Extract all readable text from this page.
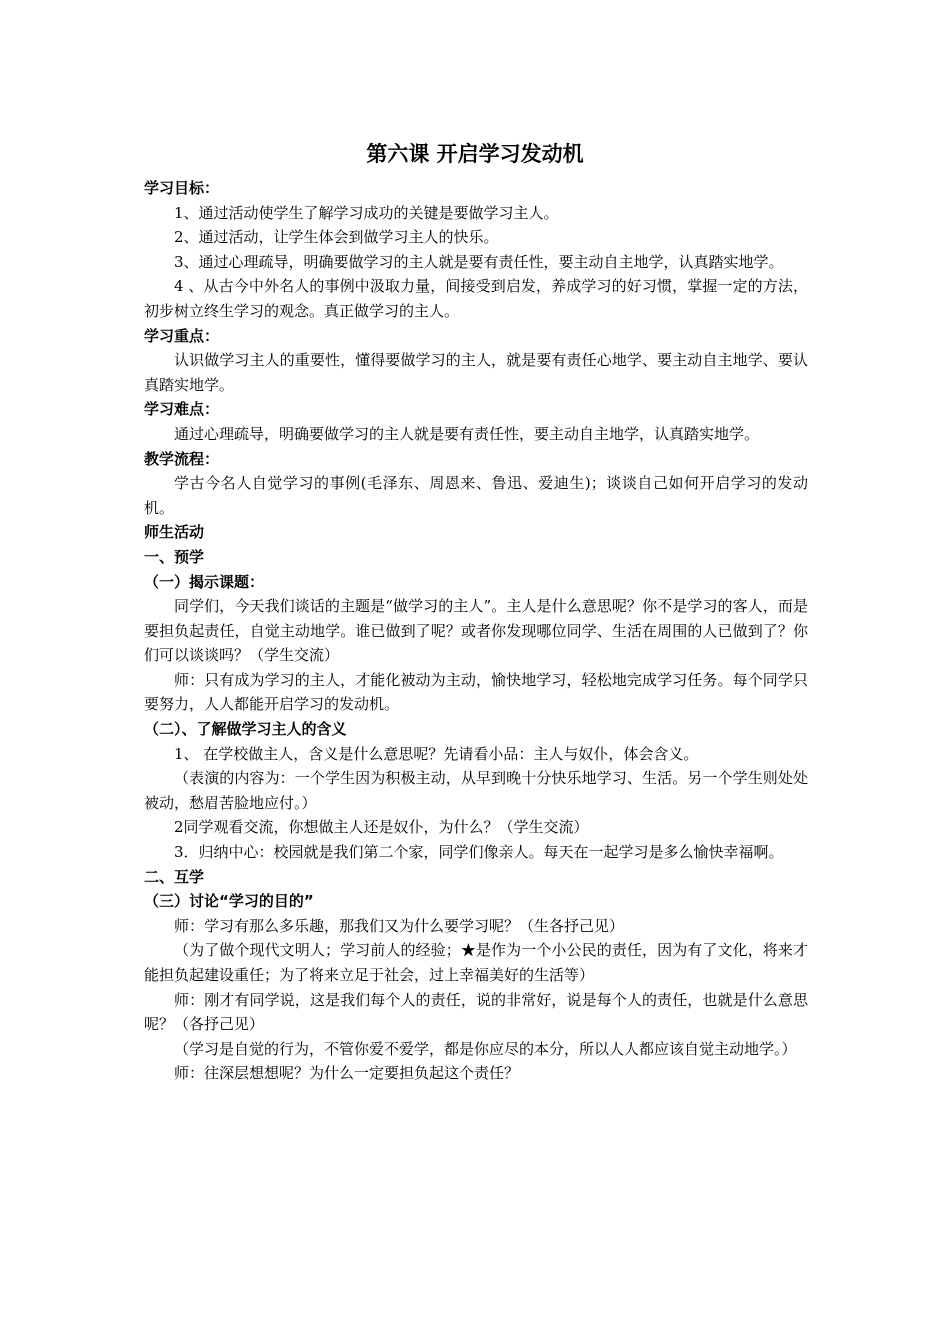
第六课 开启学习发动机
学习目标：
1、通过活动使学生了解学习成功的关键是要做学习主人。
2、通过活动，让学生体会到做学习主人的快乐。
3、通过心理疏导，明确要做学习的主人就是要有责任性，要主动自主地学，认真踏实地学。
4 、从古今中外名人的事例中汲取力量，间接受到启发，养成学习的好习惯，掌握一定的方法，初步树立终生学习的观念。真正做学习的主人。
学习重点：
认识做学习主人的重要性，懂得要做学习的主人，就是要有责任心地学、要主动自主地学、要认真踏实地学。
学习难点：
通过心理疏导，明确要做学习的主人就是要有责任性，要主动自主地学，认真踏实地学。
教学流程：
学古今名人自觉学习的事例(毛泽东、周恩来、鲁迅、爱迪生)；谈谈自己如何开启学习的发动机。
师生活动
一、预学
（一）揭示课题：
同学们，今天我们谈话的主题是“做学习的主人”。主人是什么意思呢？你不是学习的客人，而是要担负起责任，自觉主动地学。谁已做到了呢？或者你发现哪位同学、生活在周围的人已做到了？你们可以谈谈吗？（学生交流）
师：只有成为学习的主人，才能化被动为主动，愉快地学习，轻松地完成学习任务。每个同学只要努力，人人都能开启学习的发动机。
（二）、了解做学习主人的含义
1、 在学校做主人，含义是什么意思呢？先请看小品：主人与奴仆，体会含义。
（表演的内容为：一个学生因为积极主动，从早到晚十分快乐地学习、生活。另一个学生则处处被动，愁眉苦脸地应付。）
2同学观看交流，你想做主人还是奴仆，为什么？（学生交流）
3．归纳中心：校园就是我们第二个家，同学们像亲人。每天在一起学习是多么愉快幸福啊。
二、互学
（三）讨论“学习的目的”
师：学习有那么多乐趣，那我们又为什么要学习呢？（生各抒己见）
（为了做个现代文明人；学习前人的经验；★是作为一个小公民的责任，因为有了文化，将来才能担负起建设重任；为了将来立足于社会，过上幸福美好的生活等）
师：刚才有同学说，这是我们每个人的责任，说的非常好，说是每个人的责任，也就是什么意思呢？（各抒己见）
（学习是自觉的行为，不管你爱不爱学，都是你应尽的本分，所以人人都应该自觉主动地学。）
师：往深层想想呢？为什么一定要担负起这个责任？
